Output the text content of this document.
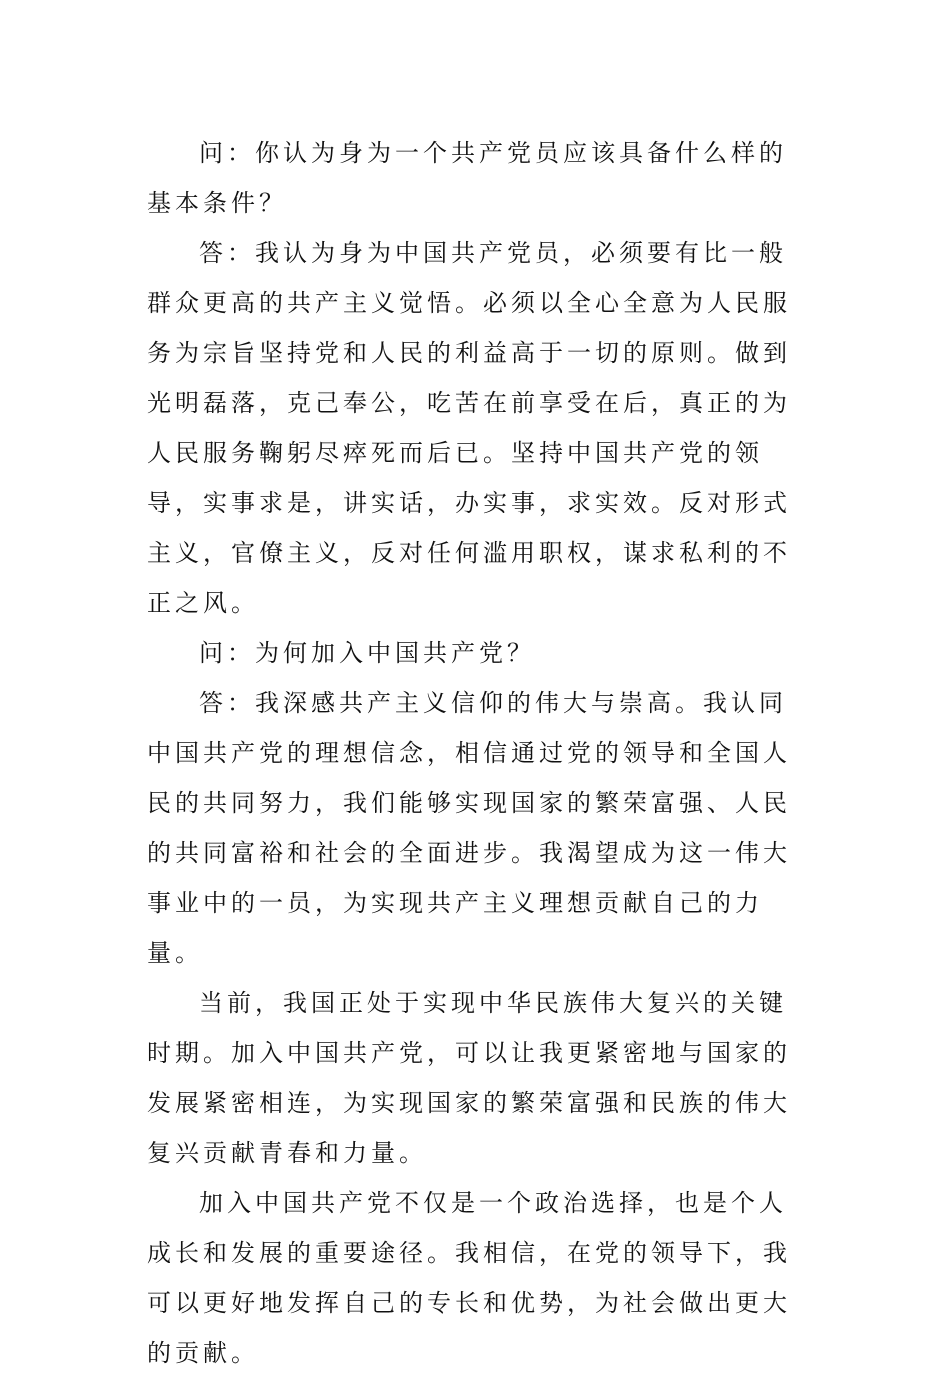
问：你认为身为一个共产党员应该具备什么样的基本条件？

答：我认为身为中国共产党员，必须要有比一般群众更高的共产主义觉悟。必须以全心全意为人民服务为宗旨坚持党和人民的利益高于一切的原则。做到光明磊落，克己奉公，吃苦在前享受在后，真正的为人民服务鞠躬尽瘁死而后已。坚持中国共产党的领导，实事求是，讲实话，办实事，求实效。反对形式主义，官僚主义，反对任何滥用职权，谋求私利的不正之风。

问：为何加入中国共产党？

答：我深感共产主义信仰的伟大与崇高。我认同中国共产党的理想信念，相信通过党的领导和全国人民的共同努力，我们能够实现国家的繁荣富强、人民的共同富裕和社会的全面进步。我渴望成为这一伟大事业中的一员，为实现共产主义理想贡献自己的力量。

当前，我国正处于实现中华民族伟大复兴的关键时期。加入中国共产党，可以让我更紧密地与国家的发展紧密相连，为实现国家的繁荣富强和民族的伟大复兴贡献青春和力量。

加入中国共产党不仅是一个政治选择，也是个人成长和发展的重要途径。我相信，在党的领导下，我可以更好地发挥自己的专长和优势，为社会做出更大的贡献。
